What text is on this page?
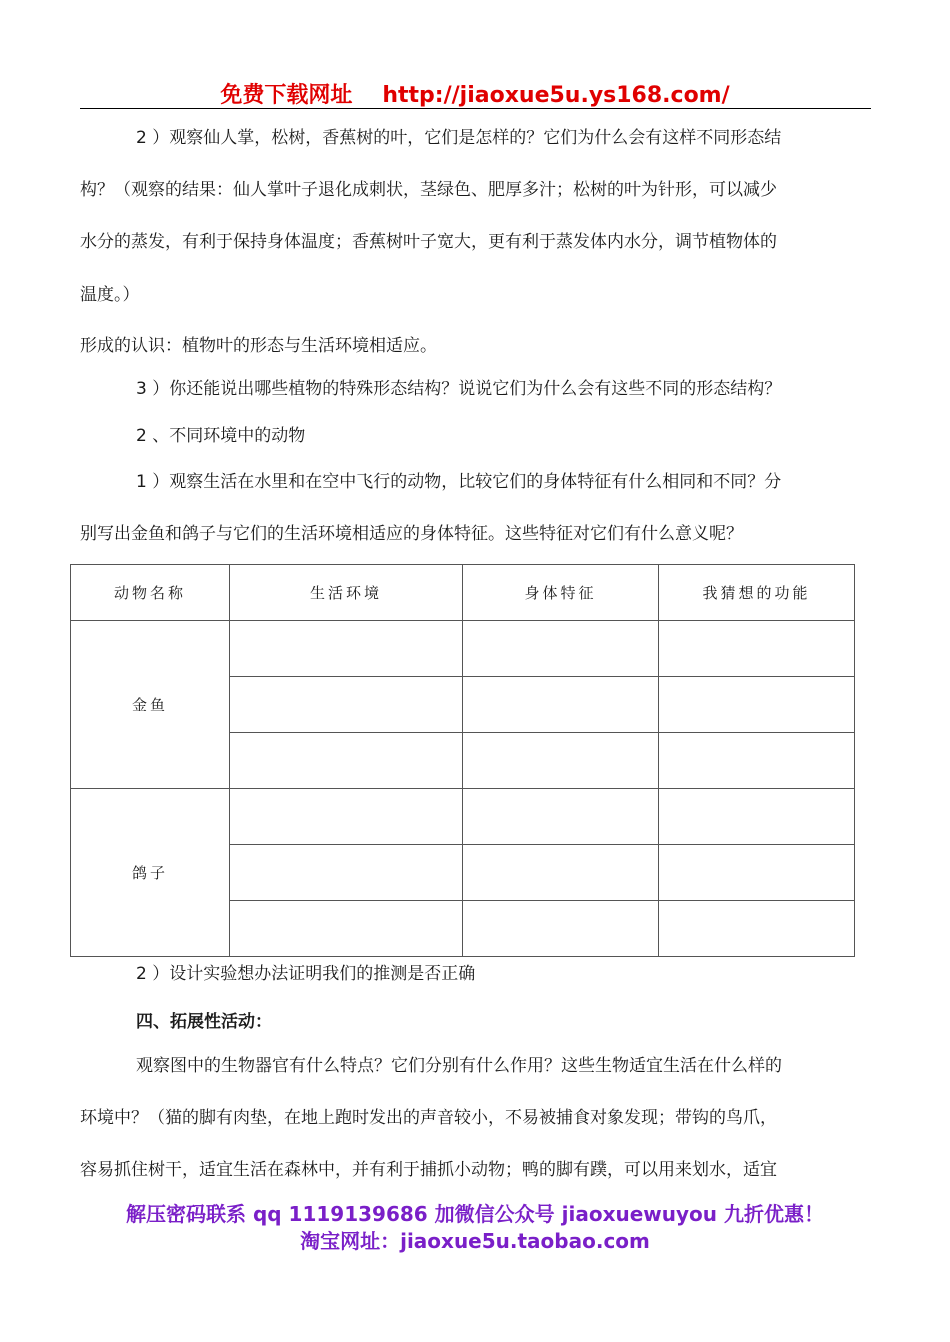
免费下载网址 http://jiaoxue5u.ys168.com/
2 ）观察仙人掌，松树，香蕉树的叶，它们是怎样的？它们为什么会有这样不同形态结
构？（观察的结果：仙人掌叶子退化成刺状，茎绿色、肥厚多汁；松树的叶为针形，可以减少
水分的蒸发，有利于保持身体温度；香蕉树叶子宽大，更有利于蒸发体内水分，调节植物体的
温度。）
形成的认识：植物叶的形态与生活环境相适应。
3 ）你还能说出哪些植物的特殊形态结构？说说它们为什么会有这些不同的形态结构？
2 、不同环境中的动物
1 ）观察生活在水里和在空中飞行的动物，比较它们的身体特征有什么相同和不同？分
别写出金鱼和鸽子与它们的生活环境相适应的身体特征。这些特征对它们有什么意义呢？
动物名称	生活环境	身体特征	我猜想的功能
金鱼			

鸽子			

2 ）设计实验想办法证明我们的推测是否正确
四、拓展性活动：
观察图中的生物器官有什么特点？它们分别有什么作用？这些生物适宜生活在什么样的
环境中？（猫的脚有肉垫，在地上跑时发出的声音较小，不易被捕食对象发现；带钩的鸟爪，
容易抓住树干，适宜生活在森林中，并有利于捕抓小动物；鸭的脚有蹼，可以用来划水，适宜
解压密码联系 qq 1119139686 加微信公众号 jiaoxuewuyou 九折优惠！
淘宝网址：jiaoxue5u.taobao.com
